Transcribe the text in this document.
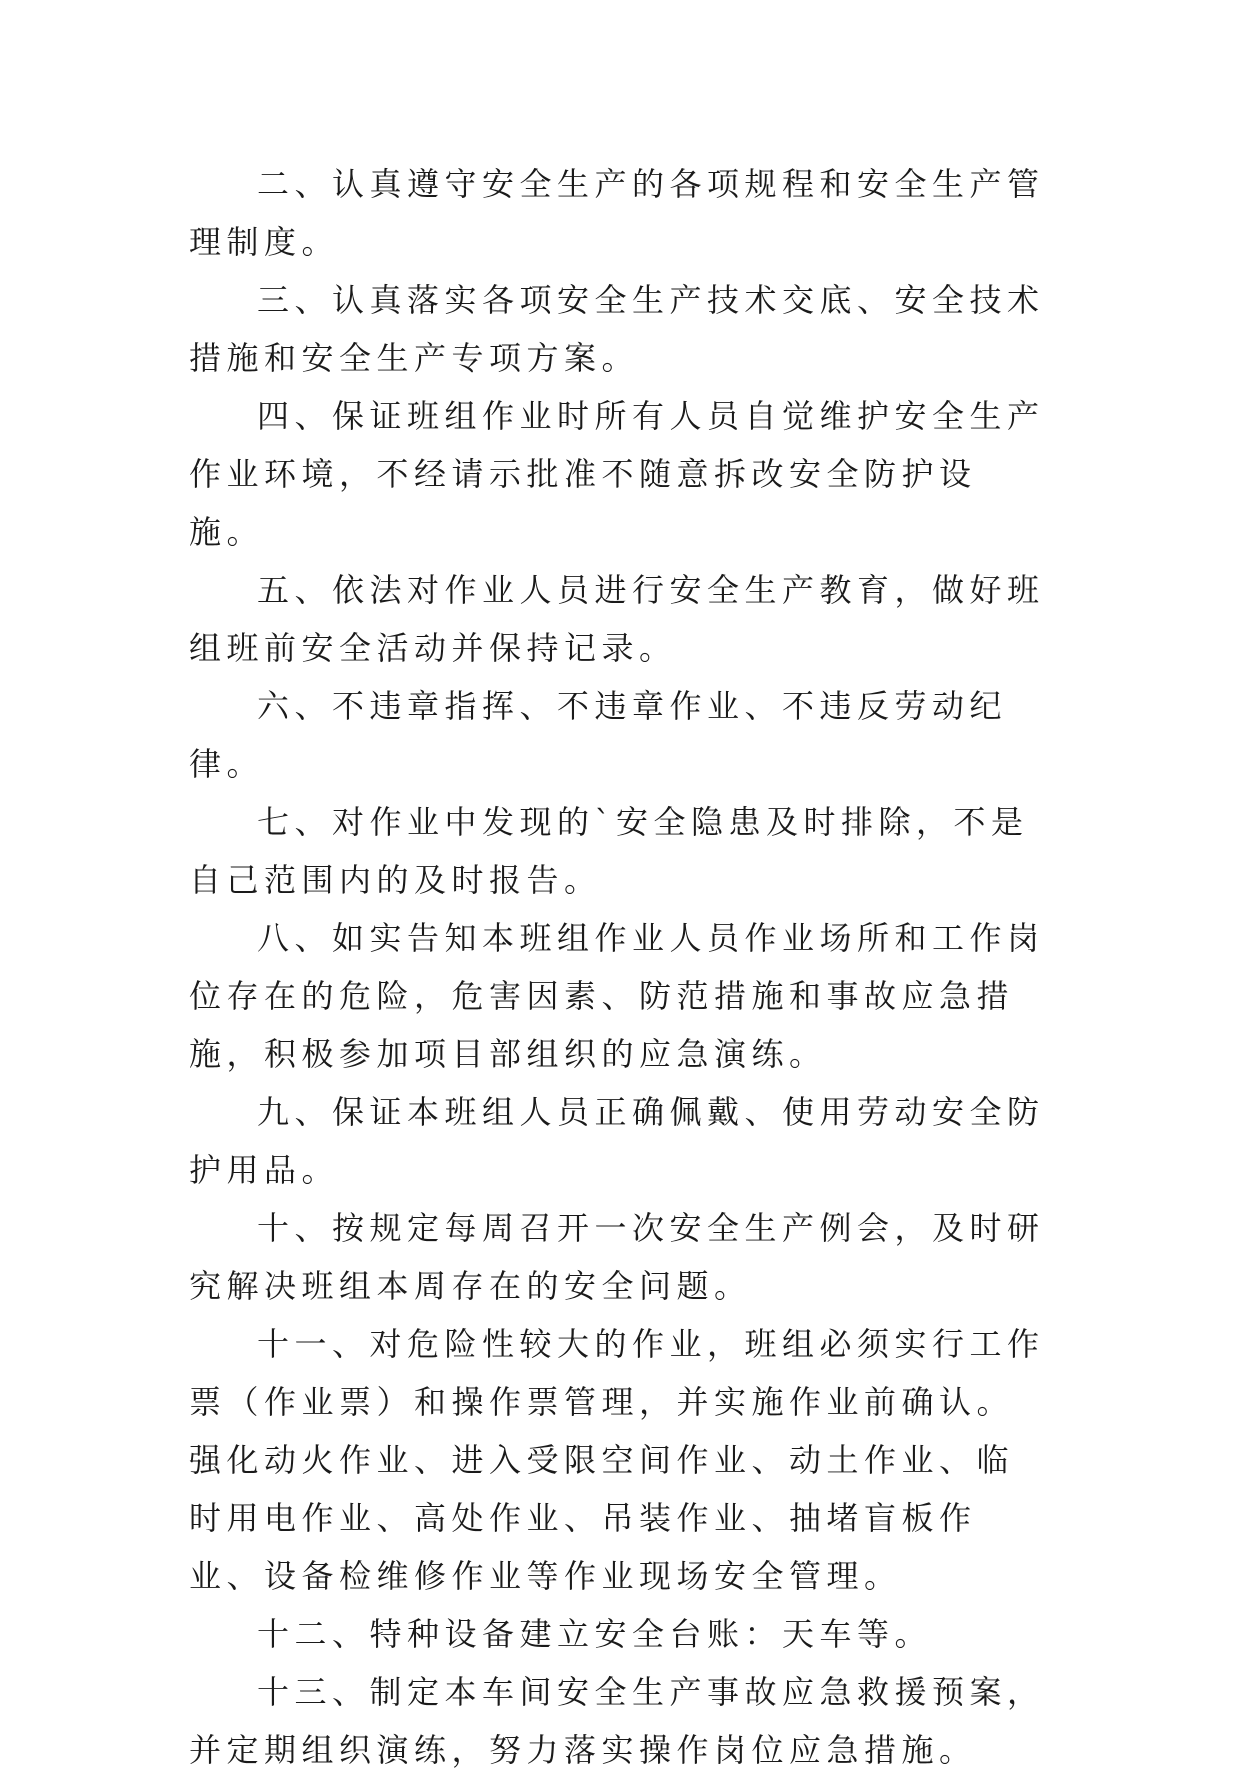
二、认真遵守安全生产的各项规程和安全生产管理制度。

三、认真落实各项安全生产技术交底、安全技术措施和安全生产专项方案。

四、保证班组作业时所有人员自觉维护安全生产作业环境，不经请示批准不随意拆改安全防护设施。

五、依法对作业人员进行安全生产教育，做好班组班前安全活动并保持记录。

六、不违章指挥、不违章作业、不违反劳动纪律。

七、对作业中发现的`安全隐患及时排除，不是自己范围内的及时报告。

八、如实告知本班组作业人员作业场所和工作岗位存在的危险，危害因素、防范措施和事故应急措施，积极参加项目部组织的应急演练。

九、保证本班组人员正确佩戴、使用劳动安全防护用品。

十、按规定每周召开一次安全生产例会，及时研究解决班组本周存在的安全问题。

十一、对危险性较大的作业，班组必须实行工作票（作业票）和操作票管理，并实施作业前确认。强化动火作业、进入受限空间作业、动土作业、临时用电作业、高处作业、吊装作业、抽堵盲板作业、设备检维修作业等作业现场安全管理。

十二、特种设备建立安全台账：天车等。

十三、制定本车间安全生产事故应急救援预案，并定期组织演练，努力落实操作岗位应急措施。
